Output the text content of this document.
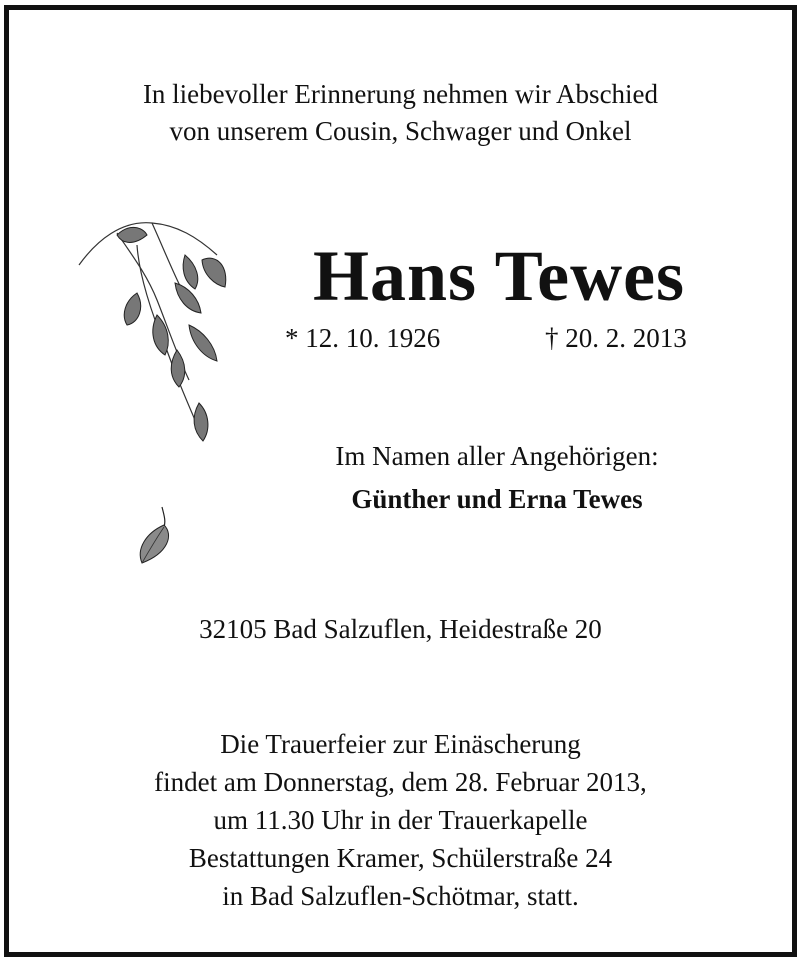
In liebevoller Erinnerung nehmen wir Abschied
von unserem Cousin, Schwager und Onkel
Hans Tewes
* 12. 10. 1926	† 20. 2. 2013
Im Namen aller Angehörigen:
Günther und Erna Tewes
32105 Bad Salzuflen, Heidestraße 20
Die Trauerfeier zur Einäscherung
findet am Donnerstag, dem 28. Februar 2013,
um 11.30 Uhr in der Trauerkapelle
Bestattungen Kramer, Schülerstraße 24
in Bad Salzuflen-Schötmar, statt.
